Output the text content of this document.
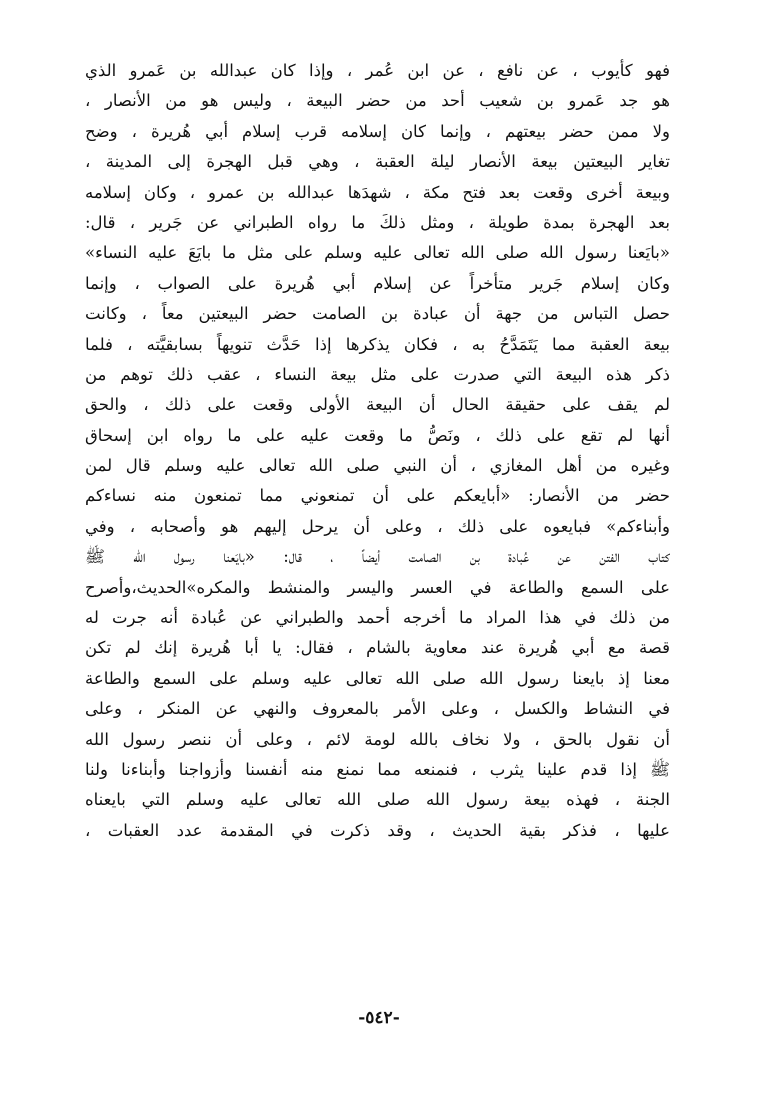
فهو كأيوب ، عن نافع ، عن ابن عُمر ، وإذا كان عبدالله بن عَمرو الذي
هو جد عَمرو بن شعيب أحد من حضر البيعة ، وليس هو من الأنصار ،
ولا ممن حضر بيعتهم ، وإنما كان إسلامه قرب إسلام أبي هُريرة ، وضح
تغاير البيعتين بيعة الأنصار ليلة العقبة ، وهي قبل الهجرة إلى المدينة ،
وبيعة أخرى وقعت بعد فتح مكة ، شهدَها عبدالله بن عمرو ، وكان إسلامه
بعد الهجرة بمدة طويلة ، ومثل ذلكَ ما رواه الطبراني عن جَرير ، قال:
«بايَعنا رسول الله صلى الله تعالى عليه وسلم على مثل ما بايَعَ عليه النساء»
وكان إسلام جَرير متأخراً عن إسلام أبي هُريرة على الصواب ، وإنما
حصل التباس من جهة أن عبادة بن الصامت حضر البيعتين معاً ، وكانت
بيعة العقبة مما يَتَمَدَّحُ به ، فكان يذكرها إذا حَدَّث تنويهاً بسابقيَّته ، فلما
ذكر هذه البيعة التي صدرت على مثل بيعة النساء ، عقب ذلك توهم من
لم يقف على حقيقة الحال أن البيعة الأولى وقعت على ذلك ، والحق
أنها لم تقع على ذلك ، ونَصُّ ما وقعت عليه على ما رواه ابن إسحاق
وغيره من أهل المغازي ، أن النبي صلى الله تعالى عليه وسلم قال لمن
حضر من الأنصار: «أبايعكم على أن تمنعوني مما تمنعون منه نساءكم
وأبناءكم» فبايعوه على ذلك ، وعلى أن يرحل إليهم هو وأصحابه ، وفي
كتاب الفتن عن عُبادة بن الصامت أيضاً ، قال: «بايَعنا رسول الله ﷺ
على السمع والطاعة في العسر واليسر والمنشط والمكره»الحديث،وأصرح
من ذلك في هذا المراد ما أخرجه أحمد والطبراني عن عُبادة أنه جرت له
قصة مع أبي هُريرة عند معاوية بالشام ، فقال: يا أبا هُريرة إنك لم تكن
معنا إذ بايعنا رسول الله صلى الله تعالى عليه وسلم على السمع والطاعة
في النشاط والكسل ، وعلى الأمر بالمعروف والنهي عن المنكر ، وعلى
أن نقول بالحق ، ولا نخاف بالله لومة لائم ، وعلى أن ننصر رسول الله
ﷺ إذا قدم علينا يثرب ، فنمنعه مما نمنع منه أنفسنا وأزواجنا وأبناءنا ولنا
الجنة ، فهذه بيعة رسول الله صلى الله تعالى عليه وسلم التي بايعناه
عليها ، فذكر بقية الحديث ، وقد ذكرت في المقدمة عدد العقبات ،
-٥٤٢-
